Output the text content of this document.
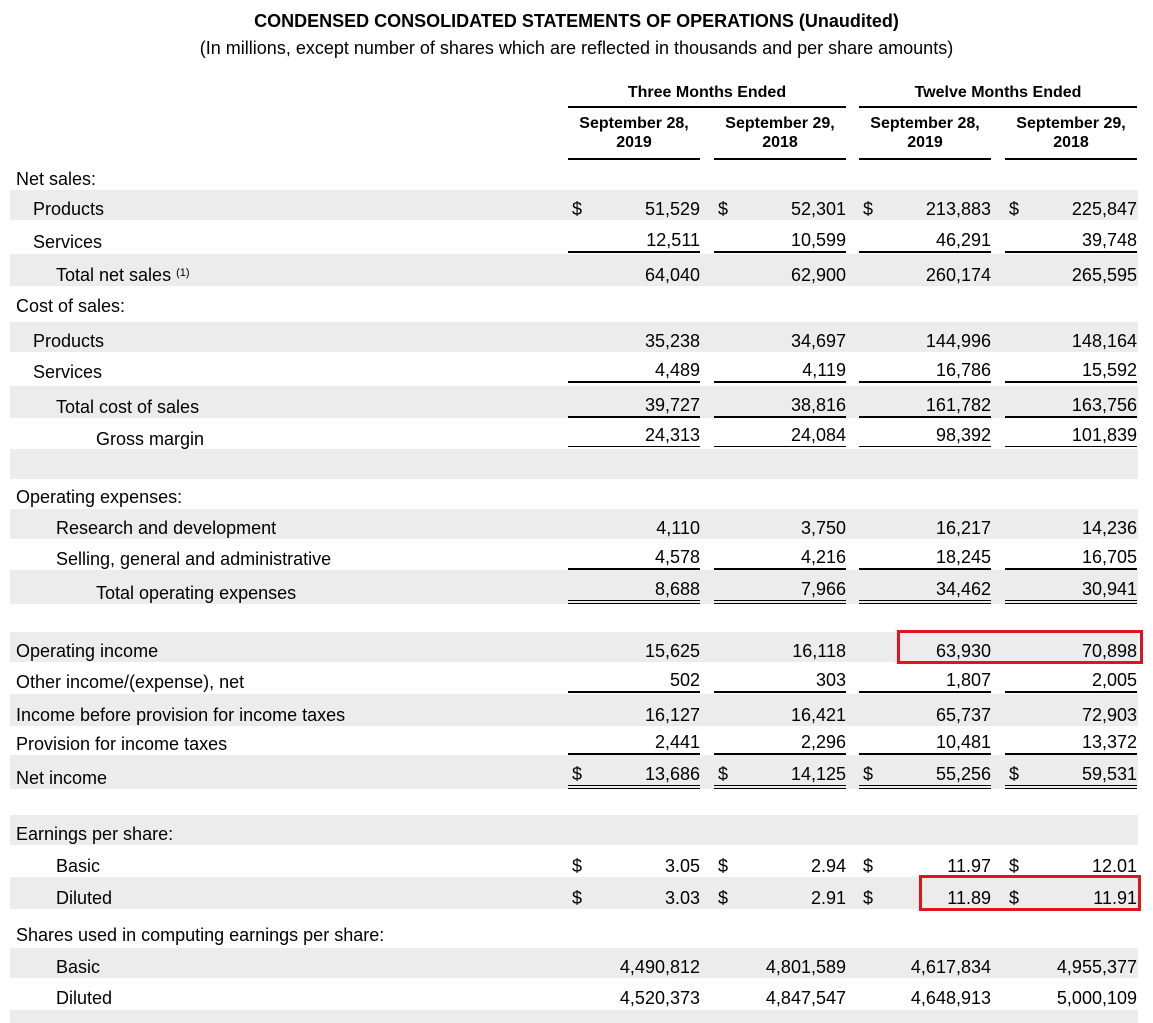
CONDENSED CONSOLIDATED STATEMENTS OF OPERATIONS (Unaudited)
(In millions, except number of shares which are reflected in thousands and per share amounts)
Three Months Ended	Twelve Months Ended
September 28,
2019
September 29,
2018
September 28,
2019
September 29,
2018
Net sales:
Products	$	51,529 $	52,301 $	213,883 $	225,847
Services	12,511	10,599	46,291	39,748
Total net sales $^{(1)}$	64,040	62,900	260,174	265,595
Cost of sales:
Products	35,238	34,697	144,996	148,164
Services	4,489	4,119	16,786	15,592
Total cost of sales	39,727	38,816	161,782	163,756
Gross margin	24,313	24,084	98,392	101,839
Operating expenses:
Research and development	4,110	3,750	16,217	14,236
Selling, general and administrative	4,578	4,216	18,245	16,705
Total operating expenses	8,688	7,966	34,462	30,941
Operating income	15,625	16,118	63,930	70,898
Other income/(expense), net	502	303	1,807	2,005
Income before provision for income taxes	16,127	16,421	65,737	72,903
Provision for income taxes	2,441	2,296	10,481	13,372
Net income	$	13,686 $	14,125 $	55,256 $	59,531
Earnings per share:
Basic	$	3.05 $	2.94 $	11.97 $	12.01
Diluted	$	3.03 $	2.91 $	11.89 $	11.91
Shares used in computing earnings per share:
Basic	4,490,812	4,801,589	4,617,834	4,955,377
Diluted	4,520,373	4,847,547	4,648,913	5,000,109
